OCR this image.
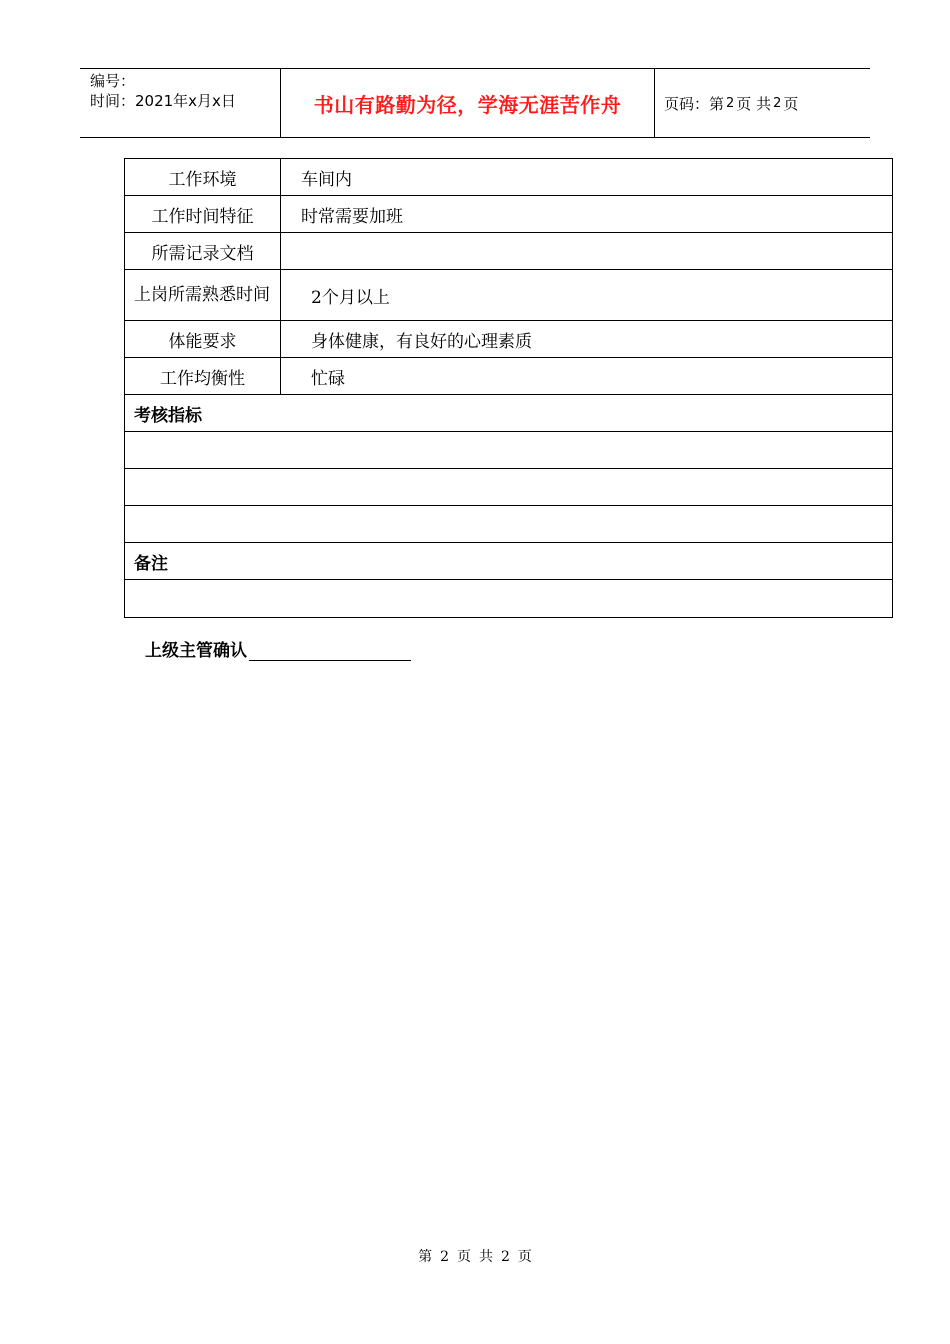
编号：
时间：2021年x月x日	书山有路勤为径，学海无涯苦作舟	页码：第 2 页 共 2 页
工作环境	车间内
工作时间特征	时常需要加班
所需记录文档
上岗所需熟悉时间	2个月以上
体能要求	身体健康，有良好的心理素质
工作均衡性	忙碌
考核指标
备注
上级主管确认
第 2 页 共 2 页
